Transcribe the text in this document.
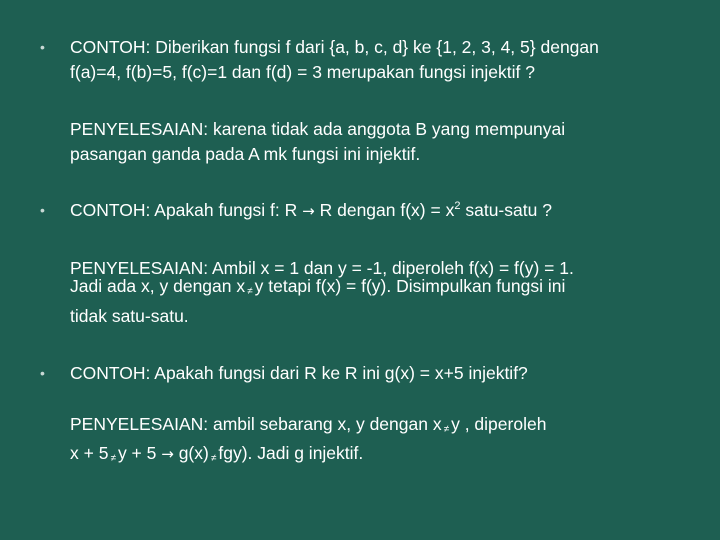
• CONTOH: Diberikan fungsi f dari {a, b, c, d} ke {1, 2, 3, 4, 5} dengan
f(a)=4, f(b)=5, f(c)=1 dan f(d) = 3 merupakan fungsi injektif ?
PENYELESAIAN: karena tidak ada anggota B yang mempunyai
pasangan ganda pada A mk fungsi ini injektif.
• CONTOH: Apakah fungsi f: R → R dengan $f(x) = x^2$ satu-satu ?
PENYELESAIAN: Ambil x = 1 dan y = -1, diperoleh f(x) = f(y) = 1.
Jadi ada x, y dengan x ≠ y tetapi f(x) = f(y). Disimpulkan fungsi ini
tidak satu-satu.
• CONTOH: Apakah fungsi dari R ke R ini g(x) = x+5 injektif?
PENYELESAIAN: ambil sebarang x, y dengan x ≠ y , diperoleh
x + 5 ≠ y + 5 → g(x) ≠ fgy). Jadi g injektif.
